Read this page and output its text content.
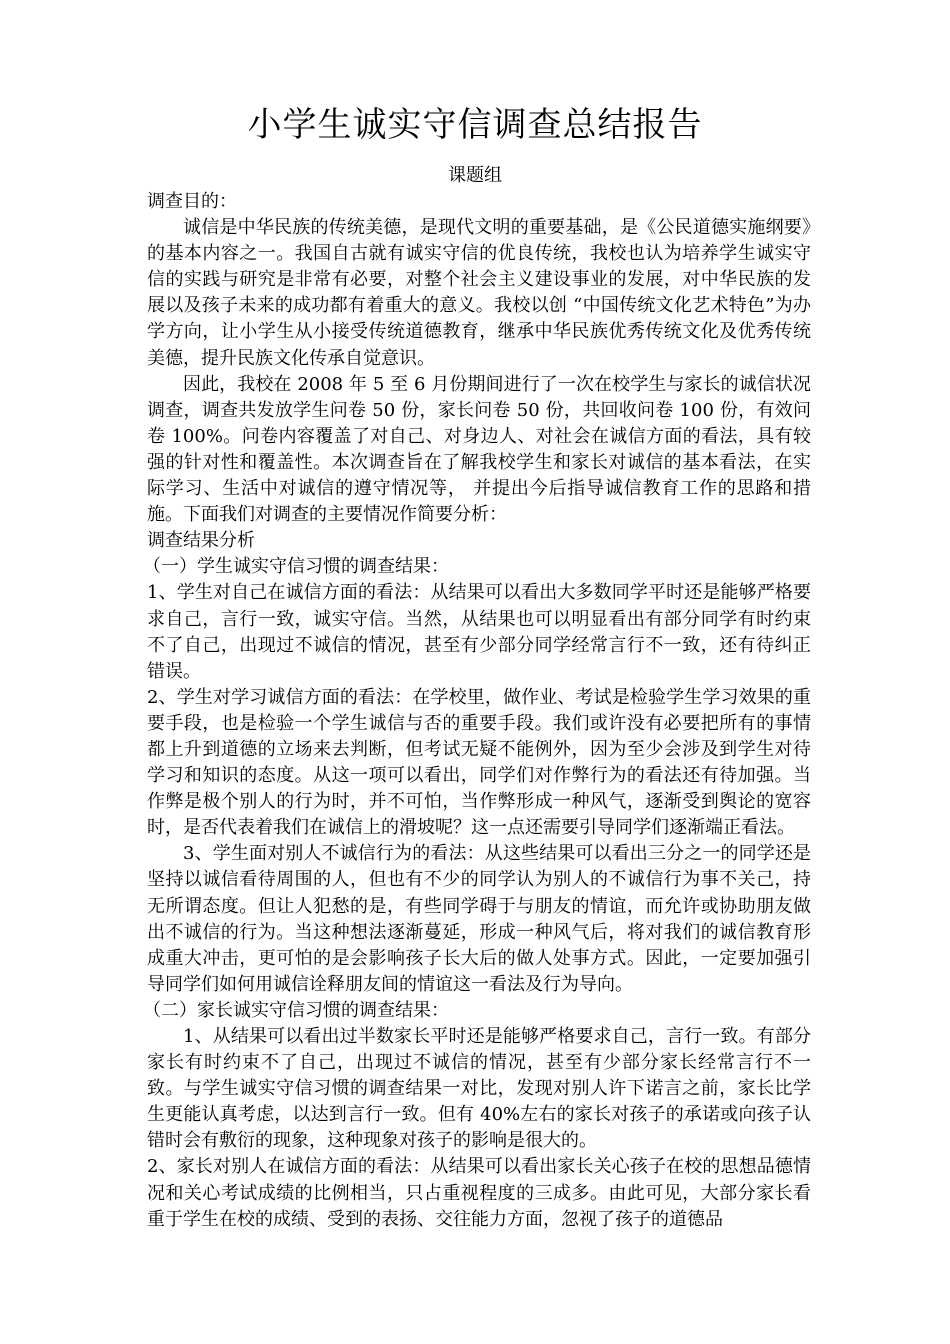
小学生诚实守信调查总结报告
课题组

调查目的：

诚信是中华民族的传统美德，是现代文明的重要基础，是《公民道德实施纲要》的基本内容之一。我国自古就有诚实守信的优良传统，我校也认为培养学生诚实守信的实践与研究是非常有必要，对整个社会主义建设事业的发展，对中华民族的发展以及孩子未来的成功都有着重大的意义。我校以创 “中国传统文化艺术特色”为办学方向，让小学生从小接受传统道德教育，继承中华民族优秀传统文化及优秀传统美德，提升民族文化传承自觉意识。

因此，我校在 2008 年 5 至 6 月份期间进行了一次在校学生与家长的诚信状况调查，调查共发放学生问卷 50 份，家长问卷 50 份，共回收问卷 100 份，有效问卷 100%。问卷内容覆盖了对自己、对身边人、对社会在诚信方面的看法，具有较强的针对性和覆盖性。本次调查旨在了解我校学生和家长对诚信的基本看法，在实际学习、生活中对诚信的遵守情况等， 并提出今后指导诚信教育工作的思路和措施。下面我们对调查的主要情况作简要分析：

调查结果分析

（一）学生诚实守信习惯的调查结果：

1、学生对自己在诚信方面的看法：从结果可以看出大多数同学平时还是能够严格要求自己，言行一致，诚实守信。当然，从结果也可以明显看出有部分同学有时约束不了自己，出现过不诚信的情况，甚至有少部分同学经常言行不一致，还有待纠正错误。

2、学生对学习诚信方面的看法：在学校里，做作业、考试是检验学生学习效果的重要手段，也是检验一个学生诚信与否的重要手段。我们或许没有必要把所有的事情都上升到道德的立场来去判断，但考试无疑不能例外，因为至少会涉及到学生对待学习和知识的态度。从这一项可以看出，同学们对作弊行为的看法还有待加强。当作弊是极个别人的行为时，并不可怕，当作弊形成一种风气，逐渐受到舆论的宽容时，是否代表着我们在诚信上的滑坡呢？这一点还需要引导同学们逐渐端正看法。

3、学生面对别人不诚信行为的看法：从这些结果可以看出三分之一的同学还是坚持以诚信看待周围的人，但也有不少的同学认为别人的不诚信行为事不关己，持无所谓态度。但让人犯愁的是，有些同学碍于与朋友的情谊，而允许或协助朋友做出不诚信的行为。当这种想法逐渐蔓延，形成一种风气后，将对我们的诚信教育形成重大冲击，更可怕的是会影响孩子长大后的做人处事方式。因此，一定要加强引导同学们如何用诚信诠释朋友间的情谊这一看法及行为导向。

（二）家长诚实守信习惯的调查结果：

1、从结果可以看出过半数家长平时还是能够严格要求自己，言行一致。有部分家长有时约束不了自己，出现过不诚信的情况，甚至有少部分家长经常言行不一致。与学生诚实守信习惯的调查结果一对比，发现对别人许下诺言之前，家长比学生更能认真考虑，以达到言行一致。但有 40%左右的家长对孩子的承诺或向孩子认错时会有敷衍的现象，这种现象对孩子的影响是很大的。

2、家长对别人在诚信方面的看法：从结果可以看出家长关心孩子在校的思想品德情况和关心考试成绩的比例相当，只占重视程度的三成多。由此可见，大部分家长看重于学生在校的成绩、受到的表扬、交往能力方面，忽视了孩子的道德品
